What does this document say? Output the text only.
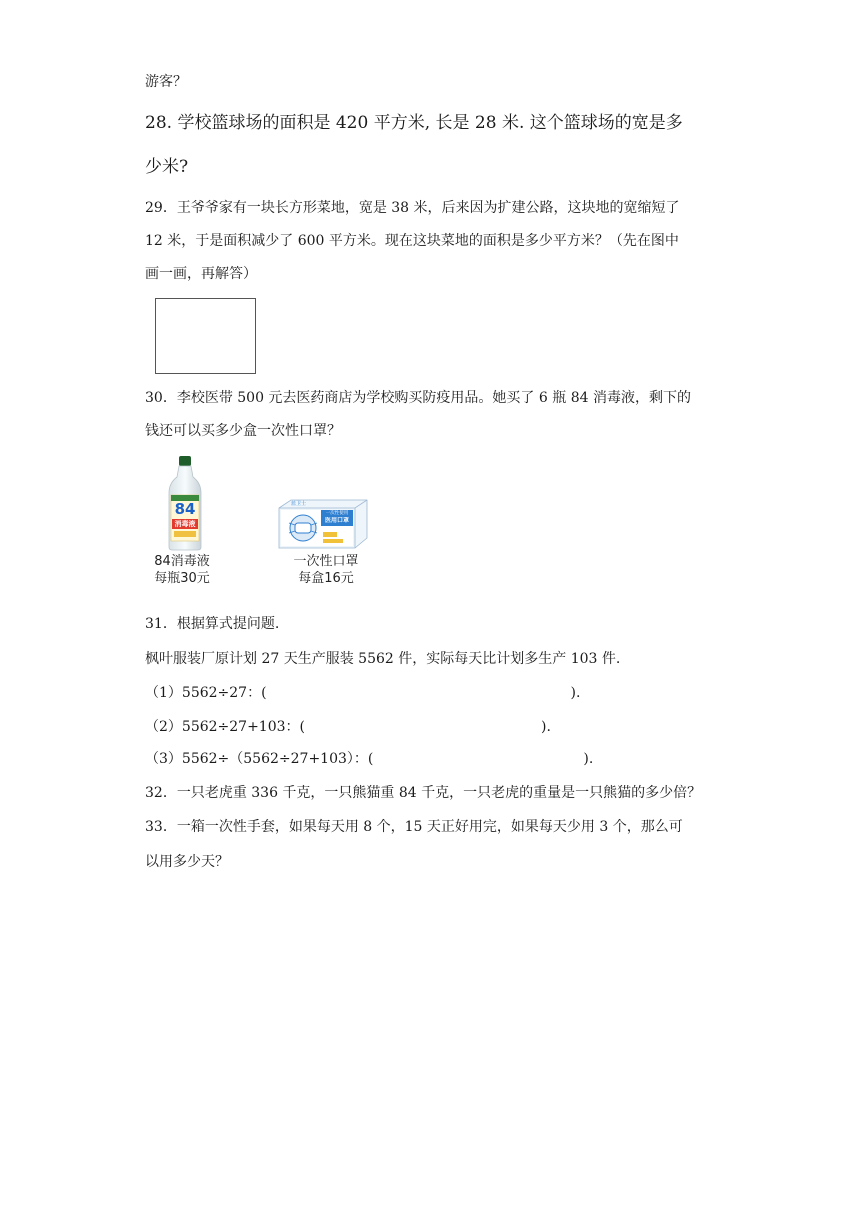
游客？
28. 学校篮球场的面积是 420 平方米, 长是 28 米. 这个篮球场的宽是多
少米?
29．王爷爷家有一块长方形菜地，宽是 38 米，后来因为扩建公路，这块地的宽缩短了
12 米，于是面积减少了 600 平方米。现在这块菜地的面积是多少平方米？（先在图中
画一画，再解答）
30．李校医带 500 元去医药商店为学校购买防疫用品。她买了 6 瓶 84 消毒液，剩下的
钱还可以买多少盒一次性口罩？
84
消毒液
84消毒液
每瓶30元
蓝卫士
一次性使用
医用口罩
一次性口罩
每盒16元
31．根据算式提问题.
枫叶服装厂原计划 27 天生产服装 5562 件，实际每天比计划多生产 103 件.
（1）5562÷27：(	).
（2）5562÷27+103：(	).
（3）5562÷（5562÷27+103）：(	).
32．一只老虎重 336 千克，一只熊猫重 84 千克，一只老虎的重量是一只熊猫的多少倍？
33．一箱一次性手套，如果每天用 8 个，15 天正好用完，如果每天少用 3 个，那么可
以用多少天？
